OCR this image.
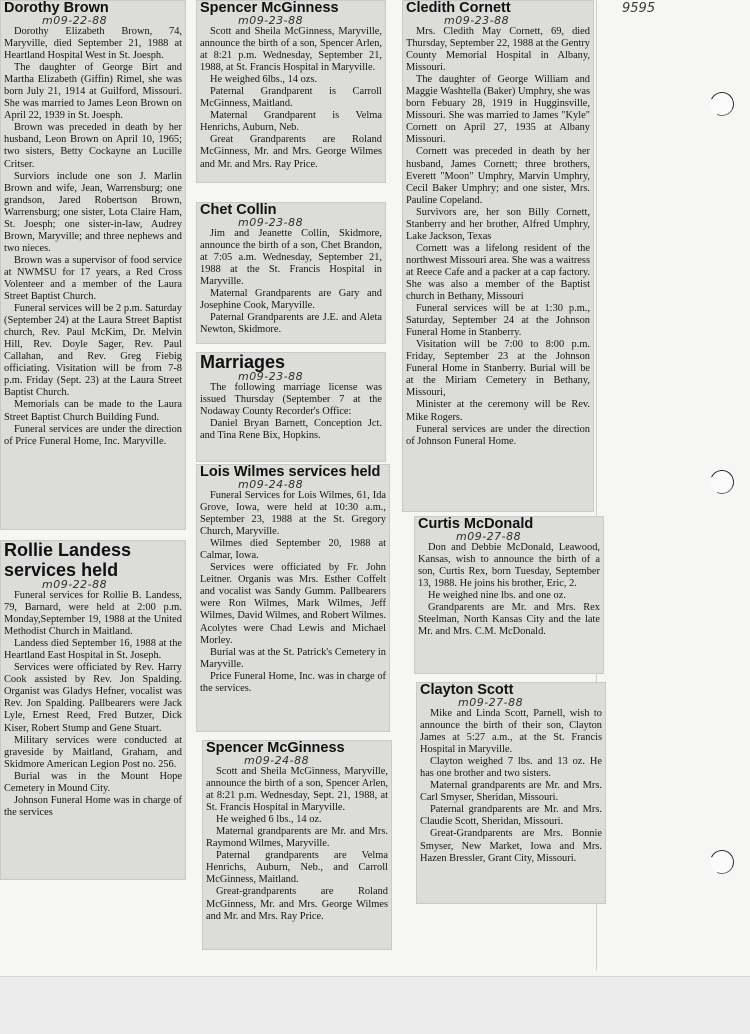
9595
Dorothy Brown
m09-22-88

Dorothy Elizabeth Brown, 74, Maryville, died September 21, 1988 at Heartland Hospital West in St. Joesph.

The daughter of George Birt and Martha Elizabeth (Giffin) Rimel, she was born July 21, 1914 at Guilford, Missouri. She was married to James Leon Brown on April 22, 1939 in St. Joesph.

Brown was preceded in death by her husband, Leon Brown on April 10, 1965; two sisters, Betty Cockayne an Lucille Critser.

Surviors include one son J. Marlin Brown and wife, Jean, Warrensburg; one grandson, Jared Robertson Brown, Warrensburg; one sister, Lota Claire Ham, St. Joesph; one sister-in-law, Audrey Brown, Maryville; and three nephews and two nieces.

Brown was a supervisor of food service at NWMSU for 17 years, a Red Cross Volenteer and a member of the Laura Street Baptist Church.

Funeral services will be 2 p.m. Saturday (September 24) at the Laura Street Baptist church, Rev. Paul McKim, Dr. Melvin Hill, Rev. Doyle Sager, Rev. Paul Callahan, and Rev. Greg Fiebig officiating. Visitation will be from 7-8 p.m. Friday (Sept. 23) at the Laura Street Baptist Church.

Memorials can be made to the Laura Street Baptist Church Building Fund.

Funeral services are under the direction of Price Funeral Home, Inc. Maryville.

Rollie Landess services held
m09-22-88

Funeral services for Rollie B. Landess, 79, Barnard, were held at 2:00 p.m. Monday,September 19, 1988 at the United Methodist Church in Maitland.

Landess died September 16, 1988 at the Heartland East Hospital in St. Joseph.

Services were officiated by Rev. Harry Cook assisted by Rev. Jon Spalding. Organist was Gladys Hefner, vocalist was Rev. Jon Spalding. Pallbearers were Jack Lyle, Ernest Reed, Fred Butzer, Dick Kiser, Robert Stump and Gene Stuart.

Military services were conducted at graveside by Maitland, Graham, and Skidmore American Legion Post no. 256.

Burial was in the Mount Hope Cemetery in Mound City.

Johnson Funeral Home was in charge of the services

Spencer McGinness
m09-23-88

Scott and Sheila McGinness, Maryville, announce the birth of a son, Spencer Arlen, at 8:21 p.m. Wednesday, September 21, 1988, at St. Francis Hospital in Maryville.

He weighed 6lbs., 14 ozs.

Paternal Grandparent is Carroll McGinness, Maitland.

Maternal Grandparent is Velma Henrichs, Auburn, Neb.

Great Grandparents are Roland McGinness, Mr. and Mrs. George Wilmes and Mr. and Mrs. Ray Price.

Chet Collin
m09-23-88

Jim and Jeanette Collin, Skidmore, announce the birth of a son, Chet Brandon, at 7:05 a.m. Wednesday, September 21, 1988 at the St. Francis Hospital in Maryville.

Maternal Grandparents are Gary and Josephine Cook, Maryville.

Paternal Grandparents are J.E. and Aleta Newton, Skidmore.

Marriages
m09-23-88

The following marriage license was issued Thursday (September 7 at the Nodaway County Recorder's Office:

Daniel Bryan Barnett, Conception Jct. and Tina Rene Bix, Hopkins.

Lois Wilmes services held
m09-24-88

Funeral Services for Lois Wilmes, 61, Ida Grove, Iowa, were held at 10:30 a.m., September 23, 1988 at the St. Gregory Church, Maryville.

Wilmes died September 20, 1988 at Calmar, Iowa.

Services were officiated by Fr. John Leitner. Organis was Mrs. Esther Coffelt and vocalist was Sandy Gumm. Pallbearers were Ron Wilmes, Mark Wilmes, Jeff Wilmes, David Wilmes, and Robert Wilmes. Acolytes were Chad Lewis and Michael Morley.

Burial was at the St. Patrick's Cemetery in Maryville.

Price Funeral Home, Inc. was in charge of the services.

Spencer McGinness
m09-24-88

Scott and Sheila McGinness, Maryville, announce the birth of a son, Spencer Arlen, at 8:21 p.m. Wednesday, Sept. 21, 1988, at St. Francis Hospital in Maryville.

He weighed 6 lbs., 14 oz.

Maternal grandparents are Mr. and Mrs. Raymond Wilmes, Maryville.

Paternal grandparents are Velma Henrichs, Auburn, Neb., and Carroll McGinness, Maitland.

Great-grandparents are Roland McGinness, Mr. and Mrs. George Wilmes and Mr. and Mrs. Ray Price.

Cledith Cornett
m09-23-88

Mrs. Cledith May Cornett, 69, died Thursday, September 22, 1988 at the Gentry County Memorial Hospital in Albany, Missouri.

The daughter of George William and Maggie Washtella (Baker) Umphry, she was born Febuary 28, 1919 in Hugginsville, Missouri. She was married to James "Kyle" Cornett on April 27, 1935 at Albany Missouri.

Cornett was preceded in death by her husband, James Cornett; three brothers, Everett "Moon" Umphry, Marvin Umphry, Cecil Baker Umphry; and one sister, Mrs. Pauline Copeland.

Survivors are, her son Billy Cornett, Stanberry and her brother, Alfred Umphry, Lake Jackson, Texas

Cornett was a lifelong resident of the northwest Missouri area. She was a waitress at Reece Cafe and a packer at a cap factory. She was also a member of the Baptist church in Bethany, Missouri

Funeral services will be at 1:30 p.m., Saturday, September 24 at the Johnson Funeral Home in Stanberry.

Visitation will be 7:00 to 8:00 p.m. Friday, September 23 at the Johnson Funeral Home in Stanberry. Burial will be at the Miriam Cemetery in Bethany, Missouri,

Minister at the ceremony will be Rev. Mike Rogers.

Funeral services are under the direction of Johnson Funeral Home.

Curtis McDonald
m09-27-88

Don and Debbie McDonald, Leawood, Kansas, wish to announce the birth of a son, Curtis Rex, born Tuesday, September 13, 1988. He joins his brother, Eric, 2.

He weighed nine lbs. and one oz.

Grandparents are Mr. and Mrs. Rex Steelman, North Kansas City and the late Mr. and Mrs. C.M. McDonald.

Clayton Scott
m09-27-88

Mike and Linda Scott, Parnell, wish to announce the birth of their son, Clayton James at 5:27 a.m., at the St. Francis Hospital in Maryville.

Clayton weighed 7 lbs. and 13 oz. He has one brother and two sisters.

Maternal grandparents are Mr. and Mrs. Carl Smyser, Sheridan, Missouri.

Paternal grandparents are Mr. and Mrs. Claudie Scott, Sheridan, Missouri.

Great-Grandparents are Mrs. Bonnie Smyser, New Market, Iowa and Mrs. Hazen Bressler, Grant City, Missouri.
